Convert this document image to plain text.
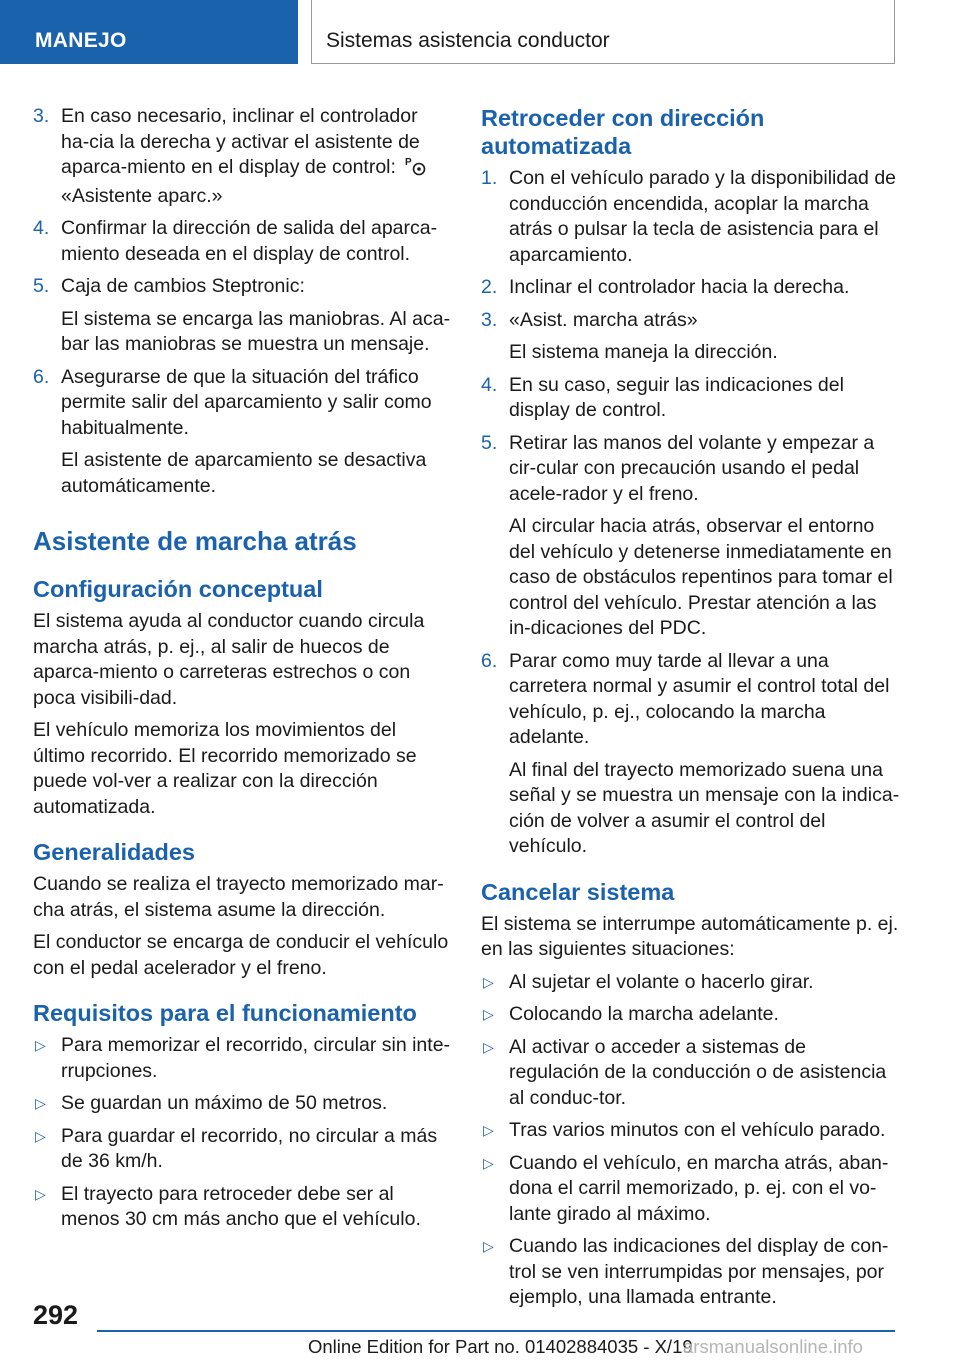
MANEJO	Sistemas asistencia conductor
3. En caso necesario, inclinar el controlador ha-cia la derecha y activar el asistente de aparca-miento en el display de control: P
«Asistente aparc.»
4. Confirmar la dirección de salida del aparca-miento deseada en el display de control.
5. Caja de cambios Steptronic:
El sistema se encarga las maniobras. Al aca-bar las maniobras se muestra un mensaje.
6. Asegurarse de que la situación del tráfico permite salir del aparcamiento y salir como habitualmente.
El asistente de aparcamiento se desactiva automáticamente.
Asistente de marcha atrás
Configuración conceptual

El sistema ayuda al conductor cuando circula marcha atrás, p. ej., al salir de huecos de aparca-miento o carreteras estrechos o con poca visibili-dad.

El vehículo memoriza los movimientos del último recorrido. El recorrido memorizado se puede vol-ver a realizar con la dirección automatizada.

Generalidades

Cuando se realiza el trayecto memorizado mar-cha atrás, el sistema asume la dirección.

El conductor se encarga de conducir el vehículo con el pedal acelerador y el freno.

Requisitos para el funcionamiento
▷ Para memorizar el recorrido, circular sin inte-rrupciones.
▷ Se guardan un máximo de 50 metros.
▷ Para guardar el recorrido, no circular a más de 36 km/h.
▷ El trayecto para retroceder debe ser al menos 30 cm más ancho que el vehículo.
Retroceder con dirección automatizada
1. Con el vehículo parado y la disponibilidad de conducción encendida, acoplar la marcha atrás o pulsar la tecla de asistencia para el aparcamiento.
2. Inclinar el controlador hacia la derecha.
3. «Asist. marcha atrás»
El sistema maneja la dirección.
4. En su caso, seguir las indicaciones del display de control.
5. Retirar las manos del volante y empezar a cir-cular con precaución usando el pedal acele-rador y el freno.
Al circular hacia atrás, observar el entorno del vehículo y detenerse inmediatamente en caso de obstáculos repentinos para tomar el control del vehículo. Prestar atención a las in-dicaciones del PDC.
6. Parar como muy tarde al llevar a una carretera normal y asumir el control total del vehículo, p. ej., colocando la marcha adelante.
Al final del trayecto memorizado suena una señal y se muestra un mensaje con la indica-ción de volver a asumir el control del vehículo.
Cancelar sistema

El sistema se interrumpe automáticamente p. ej. en las siguientes situaciones:

▷ Al sujetar el volante o hacerlo girar.
▷ Colocando la marcha adelante.
▷ Al activar o acceder a sistemas de regulación de la conducción o de asistencia al conduc-tor.
▷ Tras varios minutos con el vehículo parado.
▷ Cuando el vehículo, en marcha atrás, aban-dona el carril memorizado, p. ej. con el vo-lante girado al máximo.
▷ Cuando las indicaciones del display de con-trol se ven interrumpidas por mensajes, por ejemplo, una llamada entrante.
292
Online Edition for Part no. 01402884035 - X/19
arsmanualsonline.info
